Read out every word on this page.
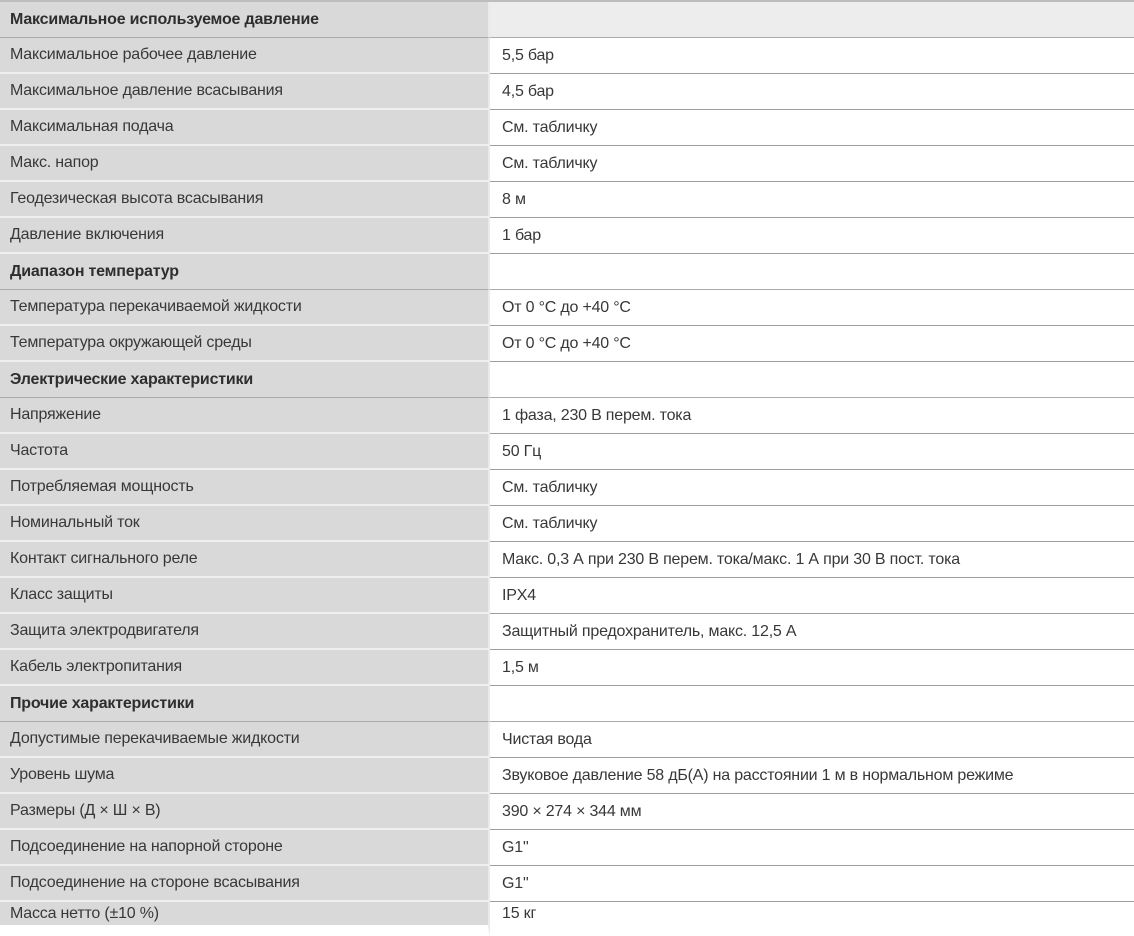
Максимальное используемое давление
Максимальное рабочее давление	5,5 бар
Максимальное давление всасывания	4,5 бар
Максимальная подача	См. табличку
Макс. напор	См. табличку
Геодезическая высота всасывания	8 м
Давление включения	1 бар
Диапазон температур
Температура перекачиваемой жидкости	От 0 °C до +40 °C
Температура окружающей среды	От 0 °C до +40 °C
Электрические характеристики
Напряжение	1 фаза, 230 В перем. тока
Частота	50 Гц
Потребляемая мощность	См. табличку
Номинальный ток	См. табличку
Контакт сигнального реле	Макс. 0,3 А при 230 В перем. тока/макс. 1 А при 30 В пост. тока
Класс защиты	IPX4
Защита электродвигателя	Защитный предохранитель, макс. 12,5 А
Кабель электропитания	1,5 м
Прочие характеристики
Допустимые перекачиваемые жидкости	Чистая вода
Уровень шума	Звуковое давление 58 дБ(А) на расстоянии 1 м в нормальном режиме
Размеры (Д × Ш × В)	390 × 274 × 344 мм
Подсоединение на напорной стороне	G1"
Подсоединение на стороне всасывания	G1"
Масса нетто (±10 %)	15 кг
